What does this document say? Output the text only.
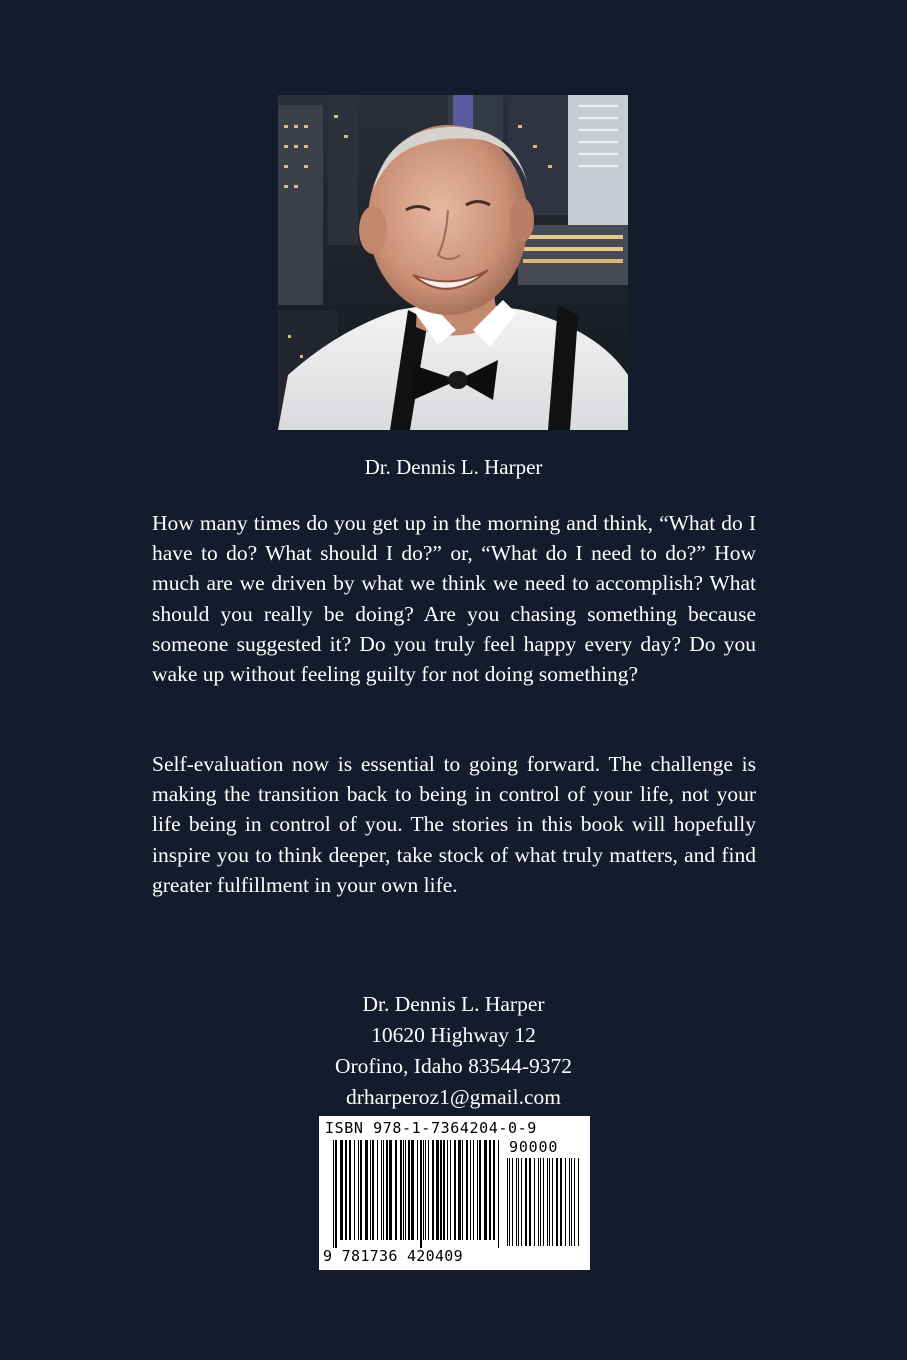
Dr. Dennis L. Harper

How many times do you get up in the morning and think, “What do I have to do? What should I do?” or, “What do I need to do?” How much are we driven by what we think we need to accomplish? What should you really be doing? Are you chasing something because someone suggested it? Do you truly feel happy every day? Do you wake up without feeling guilty for not doing something?

Self-evaluation now is essential to going forward. The challenge is making the transition back to being in control of your life, not your life being in control of you. The stories in this book will hopefully inspire you to think deeper, take stock of what truly matters, and find greater fulfillment in your own life.

Dr. Dennis L. Harper
10620 Highway 12
Orofino, Idaho 83544-9372
drharperoz1@gmail.com
ISBN 978-1-7364204-0-9
90000
9 781736 420409
